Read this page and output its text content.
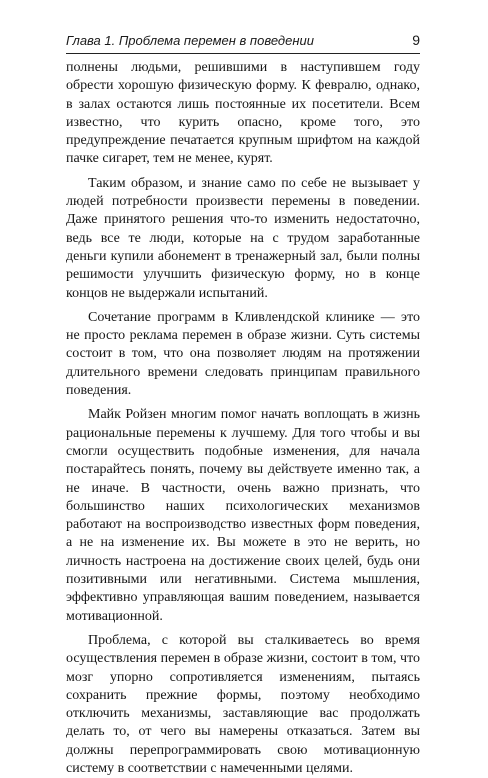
Глава 1. Проблема перемен в поведении	9

полнены людьми, решившими в наступившем году обрести хорошую физическую форму. К февралю, однако, в залах остаются лишь постоянные их посетители. Всем известно, что курить опасно, кроме того, это предупреждение печатается крупным шрифтом на каждой пачке сигарет, тем не менее, курят.

Таким образом, и знание само по себе не вызывает у людей потребности произвести перемены в поведении. Даже принятого решения что-то изменить недостаточно, ведь все те люди, которые на с трудом заработанные деньги купили абонемент в тренажерный зал, были полны решимости улучшить физическую форму, но в конце концов не выдержали испытаний.

Сочетание программ в Кливлендской клинике — это не просто реклама перемен в образе жизни. Суть системы состоит в том, что она позволяет людям на протяжении длительного времени следовать принципам правильного поведения.

Майк Ройзен многим помог начать воплощать в жизнь рациональные перемены к лучшему. Для того чтобы и вы смогли осуществить подобные изменения, для начала постарайтесь понять, почему вы действуете именно так, а не иначе. В частности, очень важно признать, что большинство наших психологических механизмов работают на воспроизводство известных форм поведения, а не на изменение их. Вы можете в это не верить, но личность настроена на достижение своих целей, будь они позитивными или негативными. Система мышления, эффективно управляющая вашим поведением, называется мотивационной.

Проблема, с которой вы сталкиваетесь во время осуществления перемен в образе жизни, состоит в том, что мозг упорно сопротивляется изменениям, пытаясь сохранить прежние формы, поэтому необходимо отключить механизмы, заставляющие вас продолжать делать то, от чего вы намерены отказаться. Затем вы должны перепрограммировать свою мотивационную систему в соответствии с намеченными целями.
